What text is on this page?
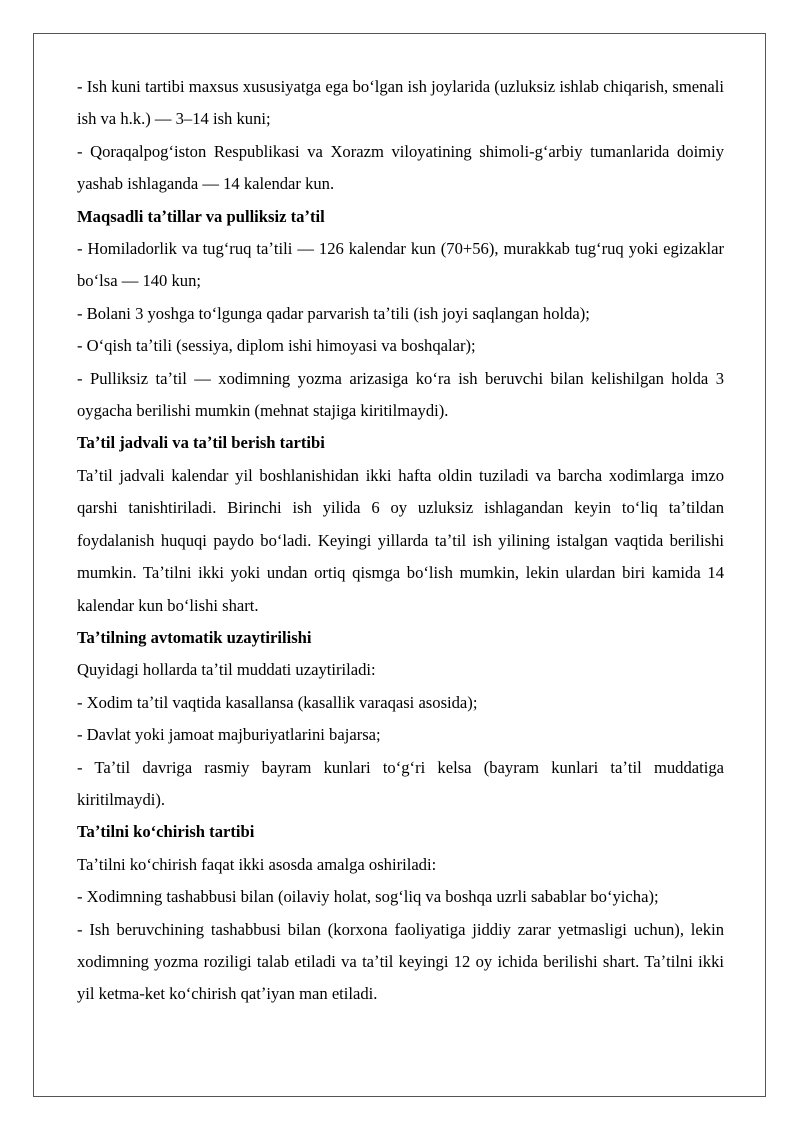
- Ish kuni tartibi maxsus xususiyatga ega boʻlgan ish joylarida (uzluksiz ishlab chiqarish, smenali ish va h.k.) — 3–14 ish kuni;

- Qoraqalpogʻiston Respublikasi va Xorazm viloyatining shimoli-gʻarbiy tumanlarida doimiy yashab ishlaganda — 14 kalendar kun.

Maqsadli taʼtillar va pulliksiz taʼtil

- Homiladorlik va tugʻruq taʼtili — 126 kalendar kun (70+56), murakkab tugʻruq yoki egizaklar boʻlsa — 140 kun;

- Bolani 3 yoshga toʻlgunga qadar parvarish taʼtili (ish joyi saqlangan holda);

- Oʻqish taʼtili (sessiya, diplom ishi himoyasi va boshqalar);

- Pulliksiz taʼtil — xodimning yozma arizasiga koʻra ish beruvchi bilan kelishilgan holda 3 oygacha berilishi mumkin (mehnat stajiga kiritilmaydi).

Taʼtil jadvali va taʼtil berish tartibi

Taʼtil jadvali kalendar yil boshlanishidan ikki hafta oldin tuziladi va barcha xodimlarga imzo qarshi tanishtiriladi. Birinchi ish yilida 6 oy uzluksiz ishlagandan keyin toʻliq taʼtildan foydalanish huquqi paydo boʻladi. Keyingi yillarda taʼtil ish yilining istalgan vaqtida berilishi mumkin. Taʼtilni ikki yoki undan ortiq qismga boʻlish mumkin, lekin ulardan biri kamida 14 kalendar kun boʻlishi shart.

Taʼtilning avtomatik uzaytirilishi

Quyidagi hollarda taʼtil muddati uzaytiriladi:

- Xodim taʼtil vaqtida kasallansa (kasallik varaqasi asosida);

- Davlat yoki jamoat majburiyatlarini bajarsa;

- Taʼtil davriga rasmiy bayram kunlari toʻgʻri kelsa (bayram kunlari taʼtil muddatiga kiritilmaydi).

Taʼtilni koʻchirish tartibi

Taʼtilni koʻchirish faqat ikki asosda amalga oshiriladi:

- Xodimning tashabbusi bilan (oilaviy holat, sogʻliq va boshqa uzrli sabablar boʻyicha);

- Ish beruvchining tashabbusi bilan (korxona faoliyatiga jiddiy zarar yetmasligi uchun), lekin xodimning yozma roziligi talab etiladi va taʼtil keyingi 12 oy ichida berilishi shart. Taʼtilni ikki yil ketma-ket koʻchirish qatʼiyan man etiladi.
